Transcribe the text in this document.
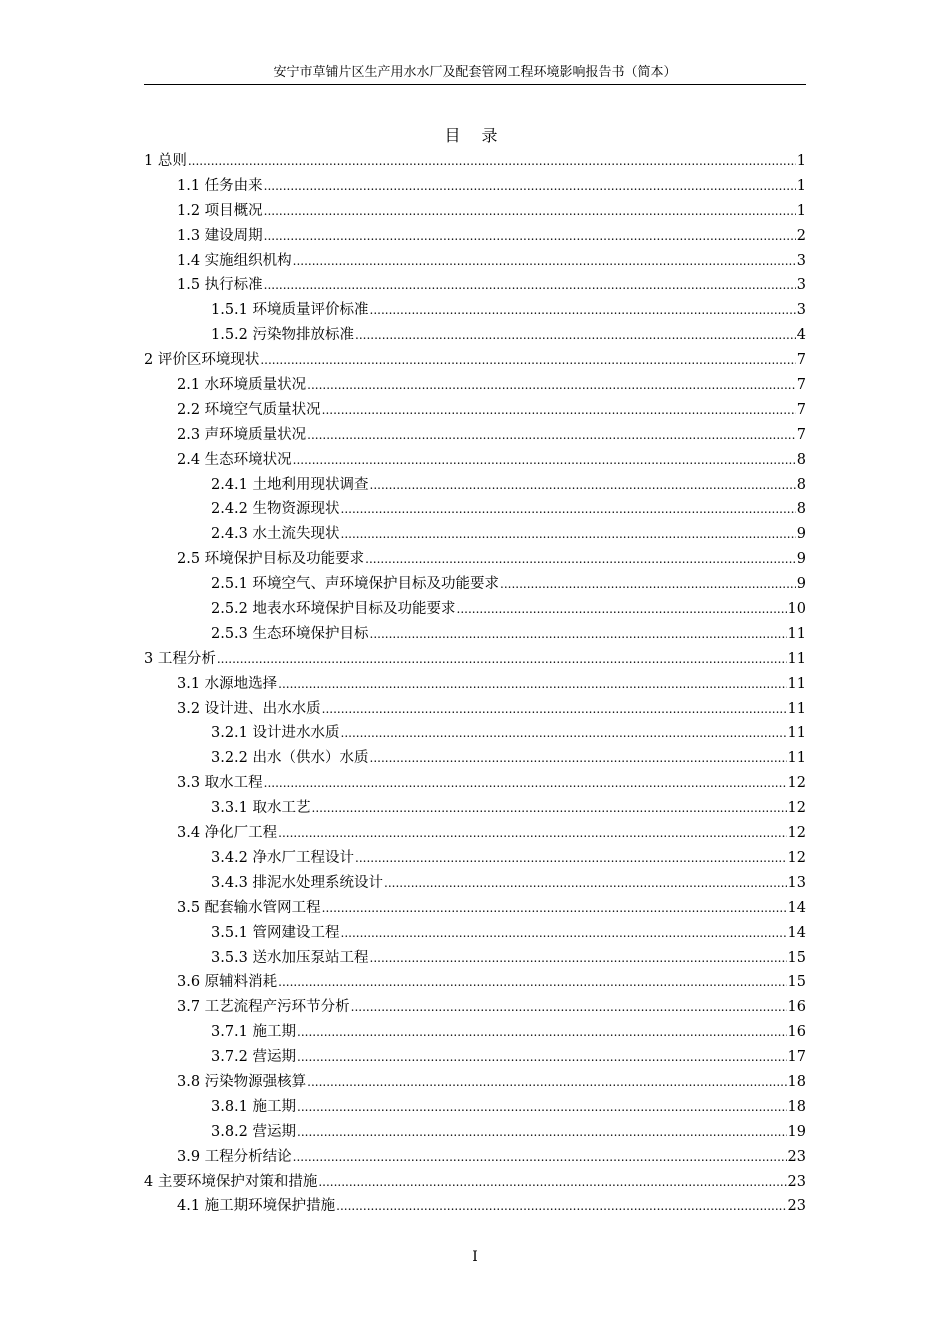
安宁市草铺片区生产用水水厂及配套管网工程环境影响报告书（简本）
目 录
1 总则 .....	1
1.1 任务由来 .....	1
1.2 项目概况 .....	1
1.3 建设周期 .....	2
1.4 实施组织机构 .....	3
1.5 执行标准 .....	3
1.5.1 环境质量评价标准 .....	3
1.5.2 污染物排放标准 .....	4
2 评价区环境现状 .....	7
2.1 水环境质量状况 .....	7
2.2 环境空气质量状况 .....	7
2.3 声环境质量状况 .....	7
2.4 生态环境状况 .....	8
2.4.1 土地利用现状调查 .....	8
2.4.2 生物资源现状 .....	8
2.4.3 水土流失现状 .....	9
2.5 环境保护目标及功能要求 .....	9
2.5.1 环境空气、声环境保护目标及功能要求 .....	9
2.5.2 地表水环境保护目标及功能要求 .....	10
2.5.3 生态环境保护目标 .....	11
3 工程分析 .....	11
3.1 水源地选择 .....	11
3.2 设计进、出水水质 .....	11
3.2.1 设计进水水质 .....	11
3.2.2 出水（供水）水质 .....	11
3.3 取水工程 .....	12
3.3.1 取水工艺 .....	12
3.4 净化厂工程 .....	12
3.4.2 净水厂工程设计 .....	12
3.4.3 排泥水处理系统设计 .....	13
3.5 配套输水管网工程 .....	14
3.5.1 管网建设工程 .....	14
3.5.3 送水加压泵站工程 .....	15
3.6 原辅料消耗 .....	15
3.7 工艺流程产污环节分析 .....	16
3.7.1 施工期 .....	16
3.7.2 营运期 .....	17
3.8 污染物源强核算 .....	18
3.8.1 施工期 .....	18
3.8.2 营运期 .....	19
3.9 工程分析结论 .....	23
4 主要环境保护对策和措施 .....	23
4.1 施工期环境保护措施 .....	23
I
